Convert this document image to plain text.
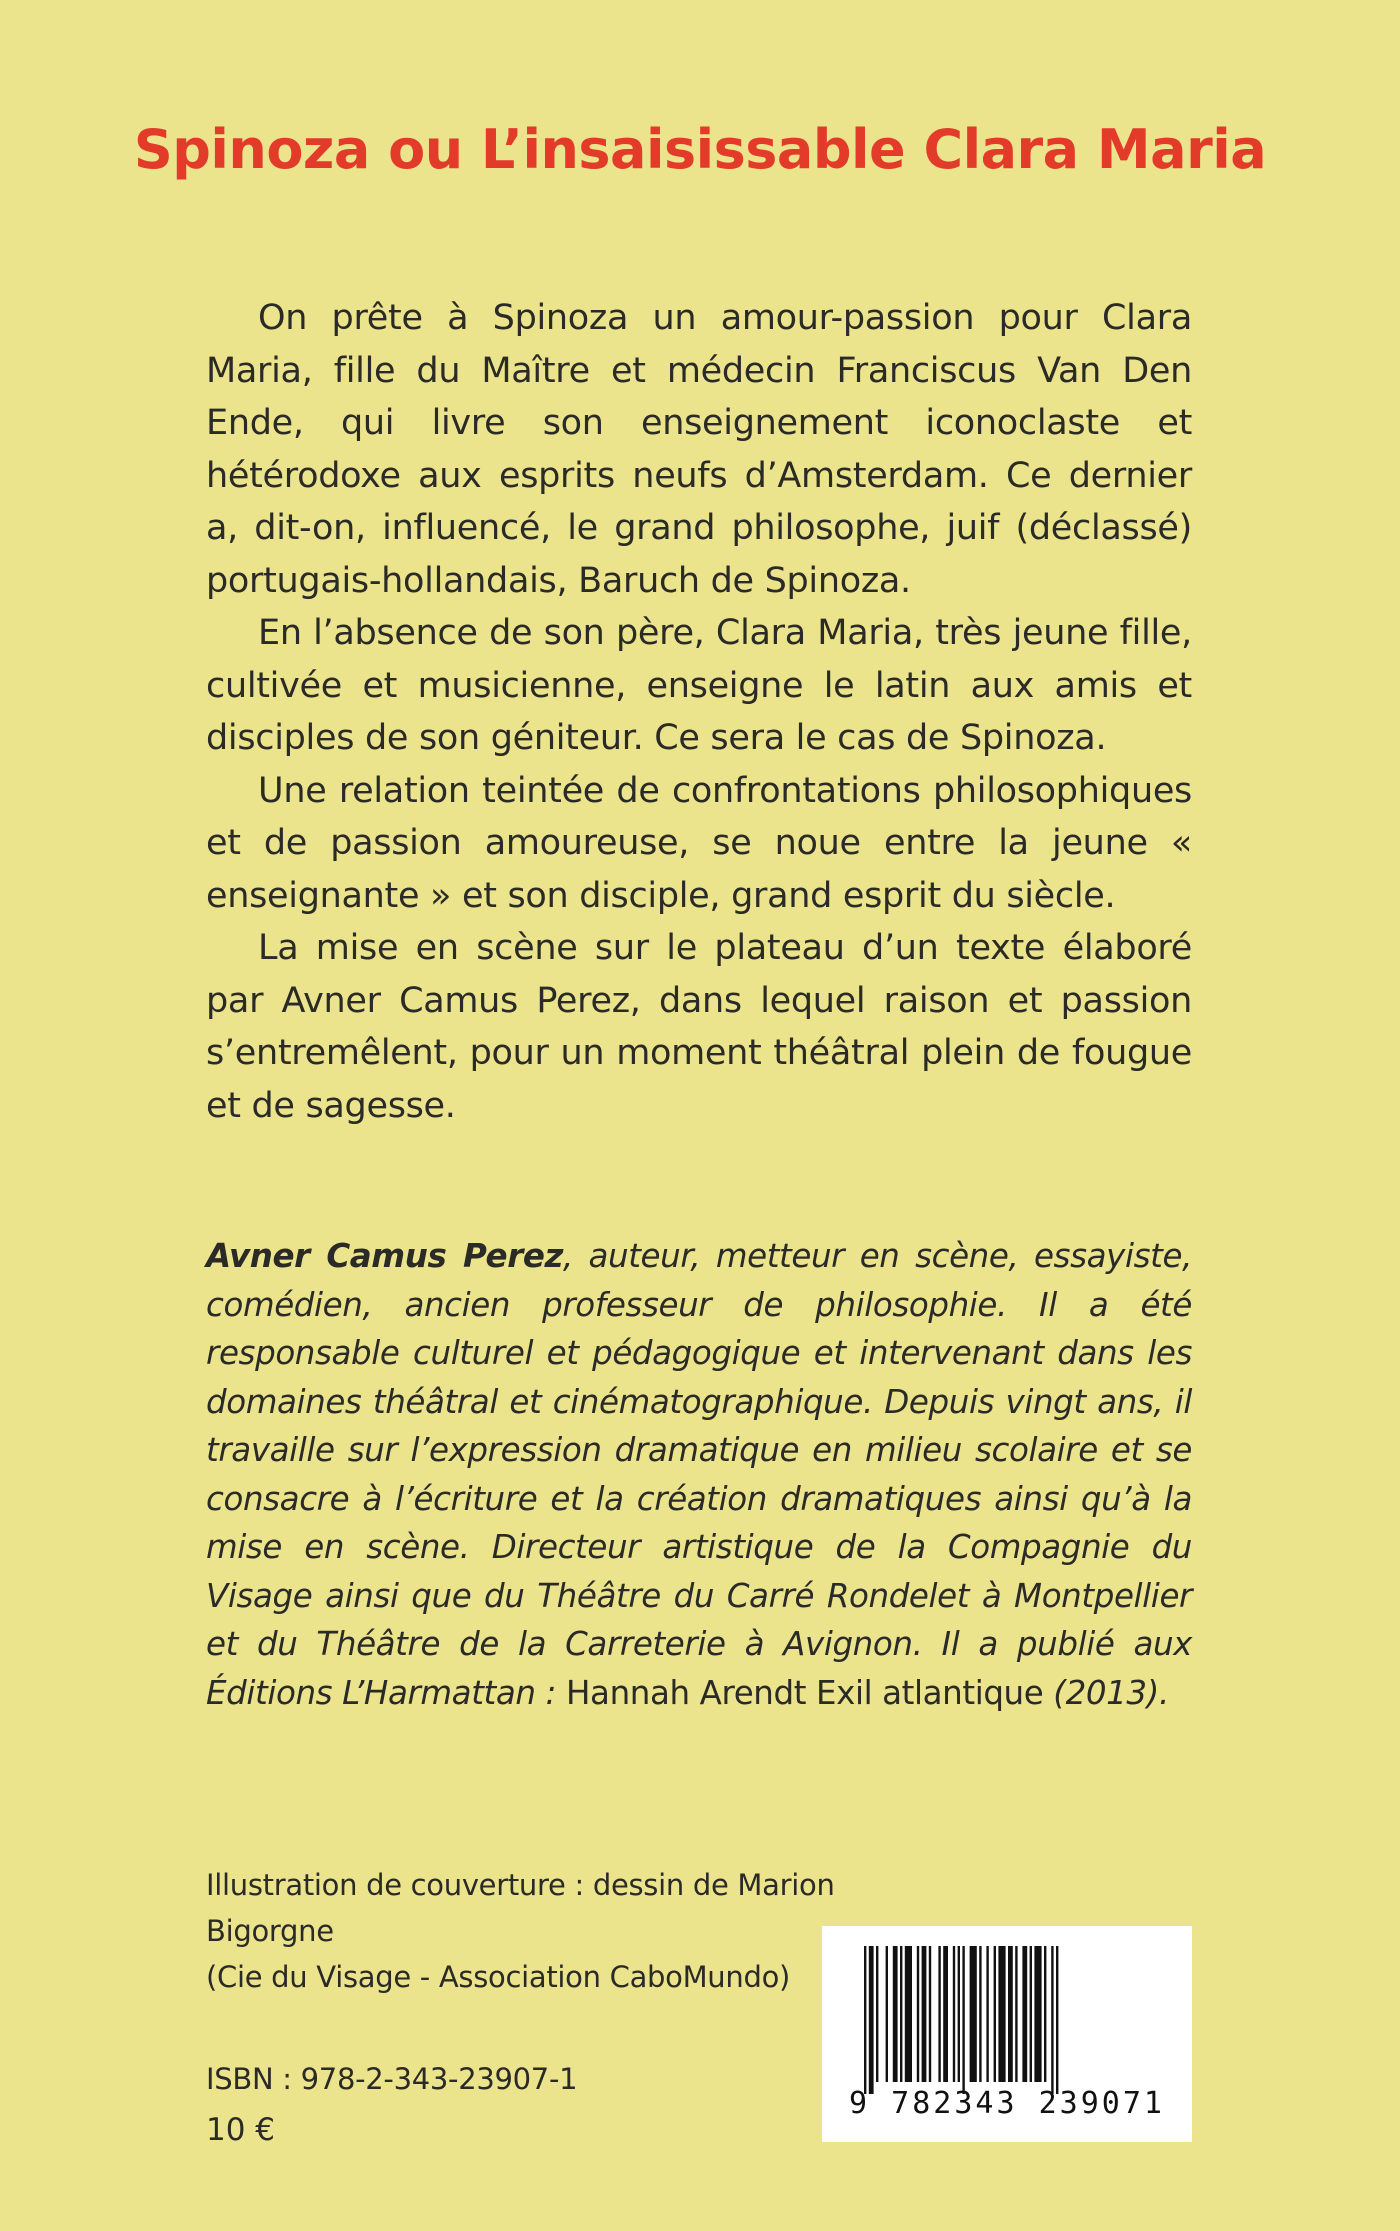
Spinoza ou L’insaisissable Clara Maria

On prête à Spinoza un amour-passion pour Clara Maria, fille du Maître et médecin Franciscus Van Den Ende, qui livre son enseignement iconoclaste et hétérodoxe aux esprits neufs d’Amsterdam. Ce dernier a, dit-on, influencé, le grand philosophe, juif (déclassé) portugais-hollandais, Baruch de Spinoza.

En l’absence de son père, Clara Maria, très jeune fille, cultivée et musicienne, enseigne le latin aux amis et disciples de son géniteur. Ce sera le cas de Spinoza.

Une relation teintée de confrontations philosophiques et de passion amoureuse, se noue entre la jeune « enseignante » et son disciple, grand esprit du siècle.

La mise en scène sur le plateau d’un texte élaboré par Avner Camus Perez, dans lequel raison et passion s’entremêlent, pour un moment théâtral plein de fougue et de sagesse.

Avner Camus Perez, auteur, metteur en scène, essayiste, comédien, ancien professeur de philosophie. Il a été responsable culturel et pédagogique et intervenant dans les domaines théâtral et cinématographique. Depuis vingt ans, il travaille sur l’expression dramatique en milieu scolaire et se consacre à l’écriture et la création dramatiques ainsi qu’à la mise en scène. Directeur artistique de la Compagnie du Visage ainsi que du Théâtre du Carré Rondelet à Montpellier et du Théâtre de la Carreterie à Avignon. Il a publié aux Éditions L’Harmattan : Hannah Arendt Exil atlantique (2013).

Illustration de couverture : dessin de Marion Bigorgne
(Cie du Visage - Association CaboMundo)
ISBN : 978-2-343-23907-1
10 €
9 782343 239071
